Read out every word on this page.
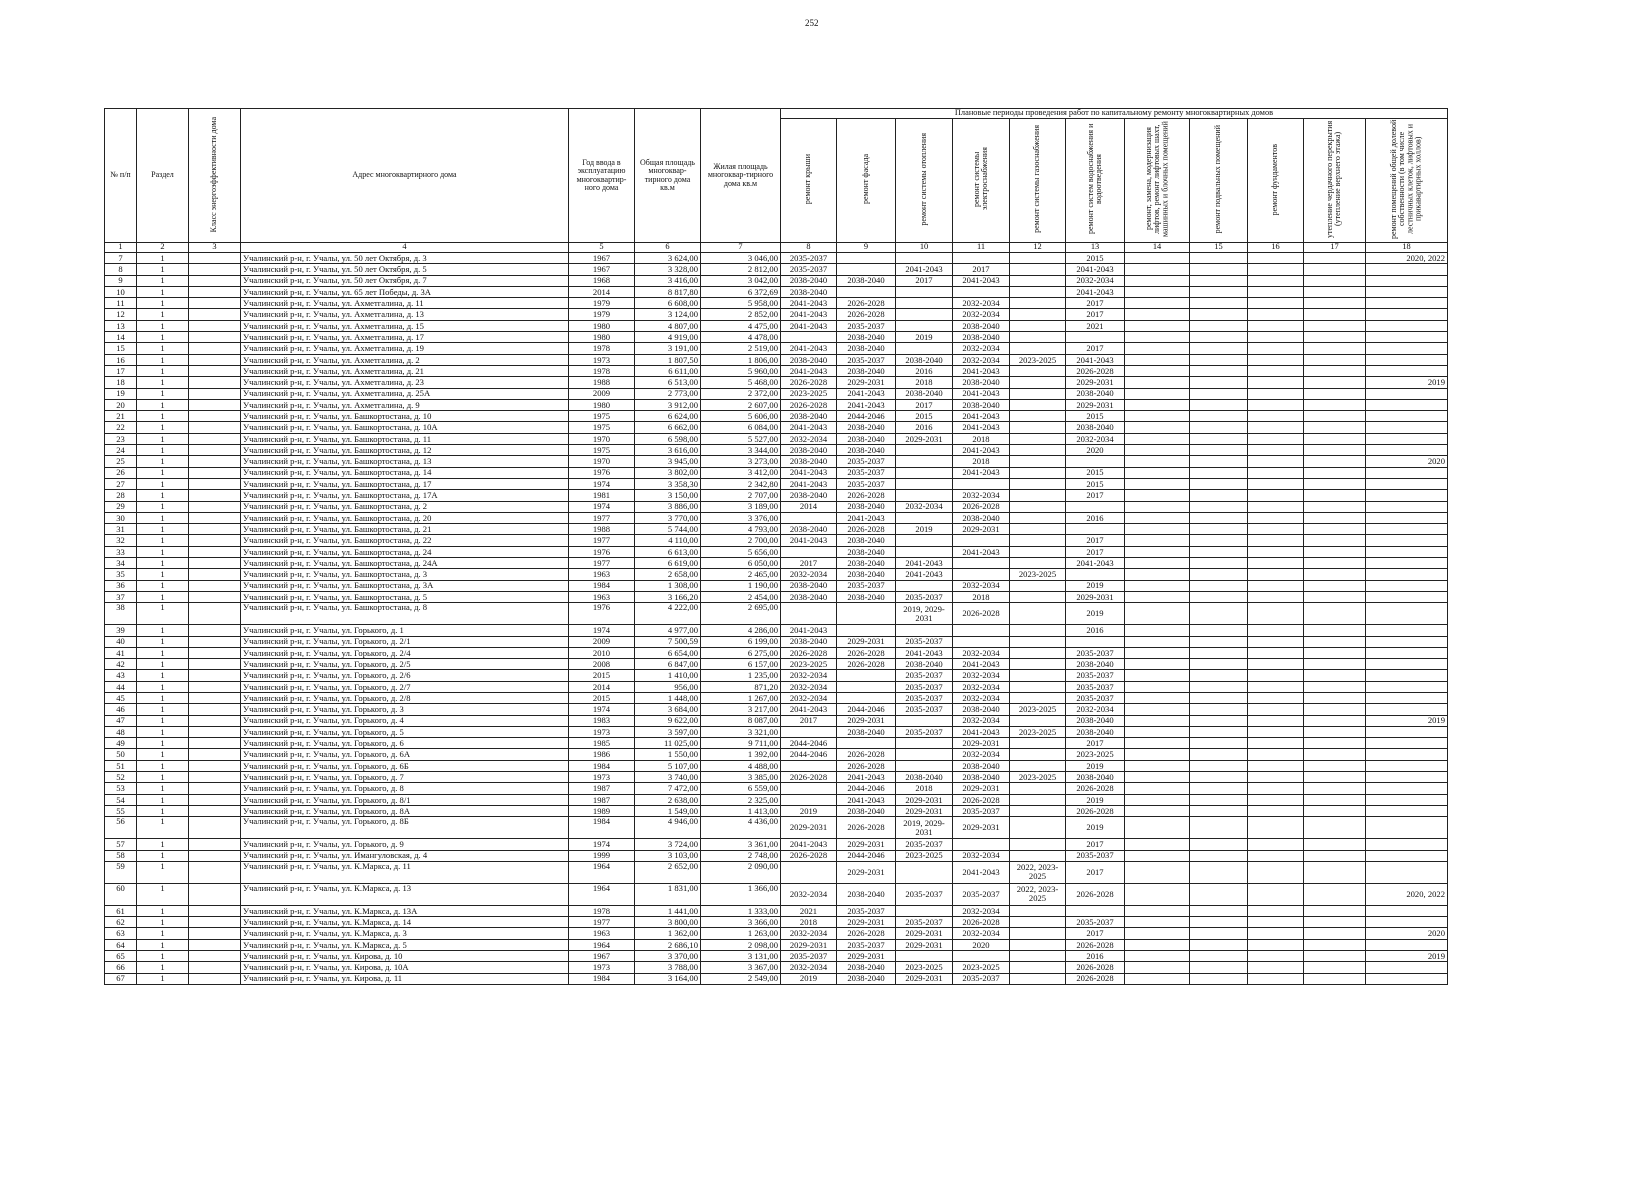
252
№ п/п	Раздел	Класс энергоэффективности дома	Адрес многоквартирного дома	Год ввода в эксплуатацию многоквартир-ного дома	Общая площадь многоквар-тирного дома кв.м	Жилая площадь многоквар-тирного дома кв.м	Плановые периоды проведения работ по капитальному ремонту многоквартирных домов										
							ремонт крыши	ремонт фасада	ремонт системы отопления	ремонт системы электроснабжения	ремонт системы газоснабжения	ремонт систем водоснабжения и водоотведения	ремонт, замена, модернизация лифтов, ремонт лифтовых шахт, машинных и блочных помещений	ремонт подвальных помещений	ремонт фундаментов	утепление чердачного перекрытия (утепление верхнего этажа)	ремонт помещений общей долевой собственности (в том числе лестничных клеток, лифтовых и прикавартирных холлов)
1	2	3	4	5	6	7	8	9	10	11	12	13	14	15	16	17	18
7	1		Учалинский р-н, г. Учалы, ул. 50 лет Октября, д. 3	1967	3 624,00	3 046,00	2035-2037					2015					2020, 2022
8	1		Учалинский р-н, г. Учалы, ул. 50 лет Октября, д. 5	1967	3 328,00	2 812,00	2035-2037		2041-2043	2017		2041-2043					
9	1		Учалинский р-н, г. Учалы, ул. 50 лет Октября, д. 7	1968	3 416,00	3 042,00	2038-2040	2038-2040	2017	2041-2043		2032-2034					
10	1		Учалинский р-н, г. Учалы, ул. 65 лет Победы, д. 3А	2014	8 817,80	6 372,69	2038-2040					2041-2043					
11	1		Учалинский р-н, г. Учалы, ул. Ахметгалина, д. 11	1979	6 608,00	5 958,00	2041-2043	2026-2028		2032-2034		2017					
12	1		Учалинский р-н, г. Учалы, ул. Ахметгалина, д. 13	1979	3 124,00	2 852,00	2041-2043	2026-2028		2032-2034		2017					
13	1		Учалинский р-н, г. Учалы, ул. Ахметгалина, д. 15	1980	4 807,00	4 475,00	2041-2043	2035-2037		2038-2040		2021					
14	1		Учалинский р-н, г. Учалы, ул. Ахметгалина, д. 17	1980	4 919,00	4 478,00		2038-2040	2019	2038-2040							
15	1		Учалинский р-н, г. Учалы, ул. Ахметгалина, д. 19	1978	3 191,00	2 519,00	2041-2043	2038-2040		2032-2034		2017					
16	1		Учалинский р-н, г. Учалы, ул. Ахметгалина, д. 2	1973	1 807,50	1 806,00	2038-2040	2035-2037	2038-2040	2032-2034	2023-2025	2041-2043					
17	1		Учалинский р-н, г. Учалы, ул. Ахметгалина, д. 21	1978	6 611,00	5 960,00	2041-2043	2038-2040	2016	2041-2043		2026-2028					
18	1		Учалинский р-н, г. Учалы, ул. Ахметгалина, д. 23	1988	6 513,00	5 468,00	2026-2028	2029-2031	2018	2038-2040		2029-2031					2019
19	1		Учалинский р-н, г. Учалы, ул. Ахметгалина, д. 25А	2009	2 773,00	2 372,00	2023-2025	2041-2043	2038-2040	2041-2043		2038-2040					
20	1		Учалинский р-н, г. Учалы, ул. Ахметгалина, д. 9	1980	3 912,00	2 607,00	2026-2028	2041-2043	2017	2038-2040		2029-2031					
21	1		Учалинский р-н, г. Учалы, ул. Башкортостана, д. 10	1975	6 624,00	5 606,00	2038-2040	2044-2046	2015	2041-2043		2015					
22	1		Учалинский р-н, г. Учалы, ул. Башкортостана, д. 10А	1975	6 662,00	6 084,00	2041-2043	2038-2040	2016	2041-2043		2038-2040					
23	1		Учалинский р-н, г. Учалы, ул. Башкортостана, д. 11	1970	6 598,00	5 527,00	2032-2034	2038-2040	2029-2031	2018		2032-2034					
24	1		Учалинский р-н, г. Учалы, ул. Башкортостана, д. 12	1975	3 616,00	3 344,00	2038-2040	2038-2040		2041-2043		2020					
25	1		Учалинский р-н, г. Учалы, ул. Башкортостана, д. 13	1970	3 945,00	3 273,00	2038-2040	2035-2037		2018							2020
26	1		Учалинский р-н, г. Учалы, ул. Башкортостана, д. 14	1976	3 802,00	3 412,00	2041-2043	2035-2037		2041-2043		2015					
27	1		Учалинский р-н, г. Учалы, ул. Башкортостана, д. 17	1974	3 358,30	2 342,80	2041-2043	2035-2037				2015					
28	1		Учалинский р-н, г. Учалы, ул. Башкортостана, д. 17А	1981	3 150,00	2 707,00	2038-2040	2026-2028		2032-2034		2017					
29	1		Учалинский р-н, г. Учалы, ул. Башкортостана, д. 2	1974	3 886,00	3 189,00	2014	2038-2040	2032-2034	2026-2028							
30	1		Учалинский р-н, г. Учалы, ул. Башкортостана, д. 20	1977	3 770,00	3 376,00		2041-2043		2038-2040		2016					
31	1		Учалинский р-н, г. Учалы, ул. Башкортостана, д. 21	1988	5 744,00	4 793,00	2038-2040	2026-2028	2019	2029-2031							
32	1		Учалинский р-н, г. Учалы, ул. Башкортостана, д. 22	1977	4 110,00	2 700,00	2041-2043	2038-2040				2017					
33	1		Учалинский р-н, г. Учалы, ул. Башкортостана, д. 24	1976	6 613,00	5 656,00		2038-2040		2041-2043		2017					
34	1		Учалинский р-н, г. Учалы, ул. Башкортостана, д. 24А	1977	6 619,00	6 050,00	2017	2038-2040	2041-2043			2041-2043					
35	1		Учалинский р-н, г. Учалы, ул. Башкортостана, д. 3	1963	2 658,00	2 465,00	2032-2034	2038-2040	2041-2043		2023-2025						
36	1		Учалинский р-н, г. Учалы, ул. Башкортостана, д. 3А	1984	1 308,00	1 190,00	2038-2040	2035-2037		2032-2034		2019					
37	1		Учалинский р-н, г. Учалы, ул. Башкортостана, д. 5	1963	3 166,20	2 454,00	2038-2040	2038-2040	2035-2037	2018		2029-2031					
38	1		Учалинский р-н, г. Учалы, ул. Башкортостана, д. 8	1976	4 222,00	2 695,00			2019, 2029-2031	2026-2028		2019					
39	1		Учалинский р-н, г. Учалы, ул. Горького, д. 1	1974	4 977,00	4 286,00	2041-2043					2016					
40	1		Учалинский р-н, г. Учалы, ул. Горького, д. 2/1	2009	7 500,59	6 199,00	2038-2040	2029-2031	2035-2037								
41	1		Учалинский р-н, г. Учалы, ул. Горького, д. 2/4	2010	6 654,00	6 275,00	2026-2028	2026-2028	2041-2043	2032-2034		2035-2037					
42	1		Учалинский р-н, г. Учалы, ул. Горького, д. 2/5	2008	6 847,00	6 157,00	2023-2025	2026-2028	2038-2040	2041-2043		2038-2040					
43	1		Учалинский р-н, г. Учалы, ул. Горького, д. 2/6	2015	1 410,00	1 235,00	2032-2034		2035-2037	2032-2034		2035-2037					
44	1		Учалинский р-н, г. Учалы, ул. Горького, д. 2/7	2014	956,00	871,20	2032-2034		2035-2037	2032-2034		2035-2037					
45	1		Учалинский р-н, г. Учалы, ул. Горького, д. 2/8	2015	1 448,00	1 267,00	2032-2034		2035-2037	2032-2034		2035-2037					
46	1		Учалинский р-н, г. Учалы, ул. Горького, д. 3	1974	3 684,00	3 217,00	2041-2043	2044-2046	2035-2037	2038-2040	2023-2025	2032-2034					
47	1		Учалинский р-н, г. Учалы, ул. Горького, д. 4	1983	9 622,00	8 087,00	2017	2029-2031		2032-2034		2038-2040					2019
48	1		Учалинский р-н, г. Учалы, ул. Горького, д. 5	1973	3 597,00	3 321,00		2038-2040	2035-2037	2041-2043	2023-2025	2038-2040					
49	1		Учалинский р-н, г. Учалы, ул. Горького, д. 6	1985	11 025,00	9 711,00	2044-2046			2029-2031		2017					
50	1		Учалинский р-н, г. Учалы, ул. Горького, д. 6А	1986	1 550,00	1 392,00	2044-2046	2026-2028		2032-2034		2023-2025					
51	1		Учалинский р-н, г. Учалы, ул. Горького, д. 6Б	1984	5 107,00	4 488,00		2026-2028		2038-2040		2019					
52	1		Учалинский р-н, г. Учалы, ул. Горького, д. 7	1973	3 740,00	3 385,00	2026-2028	2041-2043	2038-2040	2038-2040	2023-2025	2038-2040					
53	1		Учалинский р-н, г. Учалы, ул. Горького, д. 8	1987	7 472,00	6 559,00		2044-2046	2018	2029-2031		2026-2028					
54	1		Учалинский р-н, г. Учалы, ул. Горького, д. 8/1	1987	2 638,00	2 325,00		2041-2043	2029-2031	2026-2028		2019					
55	1		Учалинский р-н, г. Учалы, ул. Горького, д. 8А	1989	1 549,00	1 413,00	2019	2038-2040	2029-2031	2035-2037		2026-2028					
56	1		Учалинский р-н, г. Учалы, ул. Горького, д. 8Б	1984	4 946,00	4 436,00	2029-2031	2026-2028	2019, 2029-2031	2029-2031		2019					
57	1		Учалинский р-н, г. Учалы, ул. Горького, д. 9	1974	3 724,00	3 361,00	2041-2043	2029-2031	2035-2037			2017					
58	1		Учалинский р-н, г. Учалы, ул. Имангуловская, д. 4	1999	3 103,00	2 748,00	2026-2028	2044-2046	2023-2025	2032-2034		2035-2037					
59	1		Учалинский р-н, г. Учалы, ул. К.Маркса, д. 11	1964	2 652,00	2 090,00		2029-2031		2041-2043	2022, 2023-2025	2017					
60	1		Учалинский р-н, г. Учалы, ул. К.Маркса, д. 13	1964	1 831,00	1 366,00	2032-2034	2038-2040	2035-2037	2035-2037	2022, 2023-2025	2026-2028					2020, 2022
61	1		Учалинский р-н, г. Учалы, ул. К.Маркса, д. 13А	1978	1 441,00	1 333,00	2021	2035-2037		2032-2034							
62	1		Учалинский р-н, г. Учалы, ул. К.Маркса, д. 14	1977	3 800,00	3 366,00	2018	2029-2031	2035-2037	2026-2028		2035-2037					
63	1		Учалинский р-н, г. Учалы, ул. К.Маркса, д. 3	1963	1 362,00	1 263,00	2032-2034	2026-2028	2029-2031	2032-2034		2017					2020
64	1		Учалинский р-н, г. Учалы, ул. К.Маркса, д. 5	1964	2 686,10	2 098,00	2029-2031	2035-2037	2029-2031	2020		2026-2028					
65	1		Учалинский р-н, г. Учалы, ул. Кирова, д. 10	1967	3 370,00	3 131,00	2035-2037	2029-2031				2016					2019
66	1		Учалинский р-н, г. Учалы, ул. Кирова, д. 10А	1973	3 788,00	3 367,00	2032-2034	2038-2040	2023-2025	2023-2025		2026-2028					
67	1		Учалинский р-н, г. Учалы, ул. Кирова, д. 11	1984	3 164,00	2 549,00	2019	2038-2040	2029-2031	2035-2037		2026-2028					
